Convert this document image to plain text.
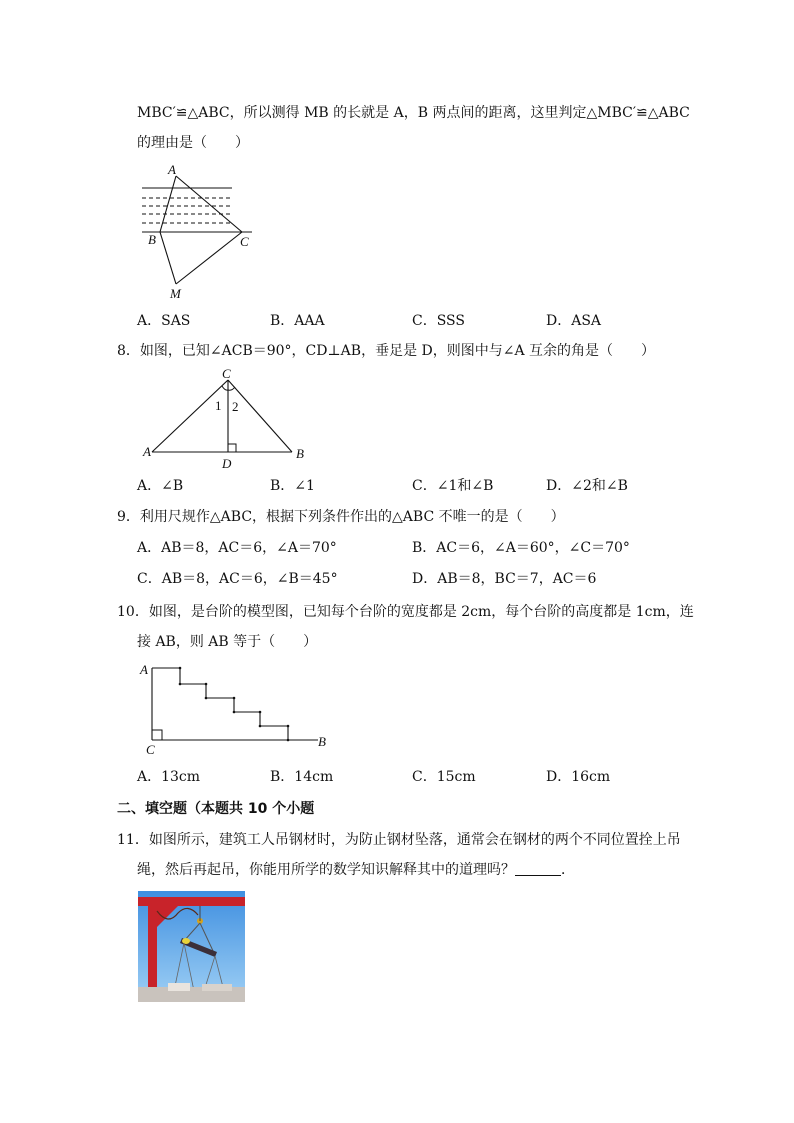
MBC′≌△ABC，所以测得 MB 的长就是 A，B 两点间的距离，这里判定△MBC′≌△ABC
的理由是（　　）
A
B	C
M
A．SAS	B．AAA	C．SSS	D．ASA
8．如图，已知∠ACB＝90°，CD⊥AB，垂足是 D，则图中与∠A 互余的角是（　　）
C
1 2
A
D
B
A．∠B	B．∠1	C．∠1和∠B	D．∠2和∠B
9．利用尺规作△ABC，根据下列条件作出的△ABC 不唯一的是（　　）
A．AB＝8，AC＝6，∠A＝70°	B．AC＝6，∠A＝60°，∠C＝70°
C．AB＝8，AC＝6，∠B＝45°	D．AB＝8，BC＝7，AC＝6
10．如图，是台阶的模型图，已知每个台阶的宽度都是 2cm，每个台阶的高度都是 1cm，连
接 AB，则 AB 等于（　　）
A
C
B
A．13cm	B．14cm	C．15cm	D．16cm
二、填空题（本题共 10 个小题
11．如图所示，建筑工人吊钢材时，为防止钢材坠落，通常会在钢材的两个不同位置拴上吊
绳，然后再起吊，你能用所学的数学知识解释其中的道理吗？	．
